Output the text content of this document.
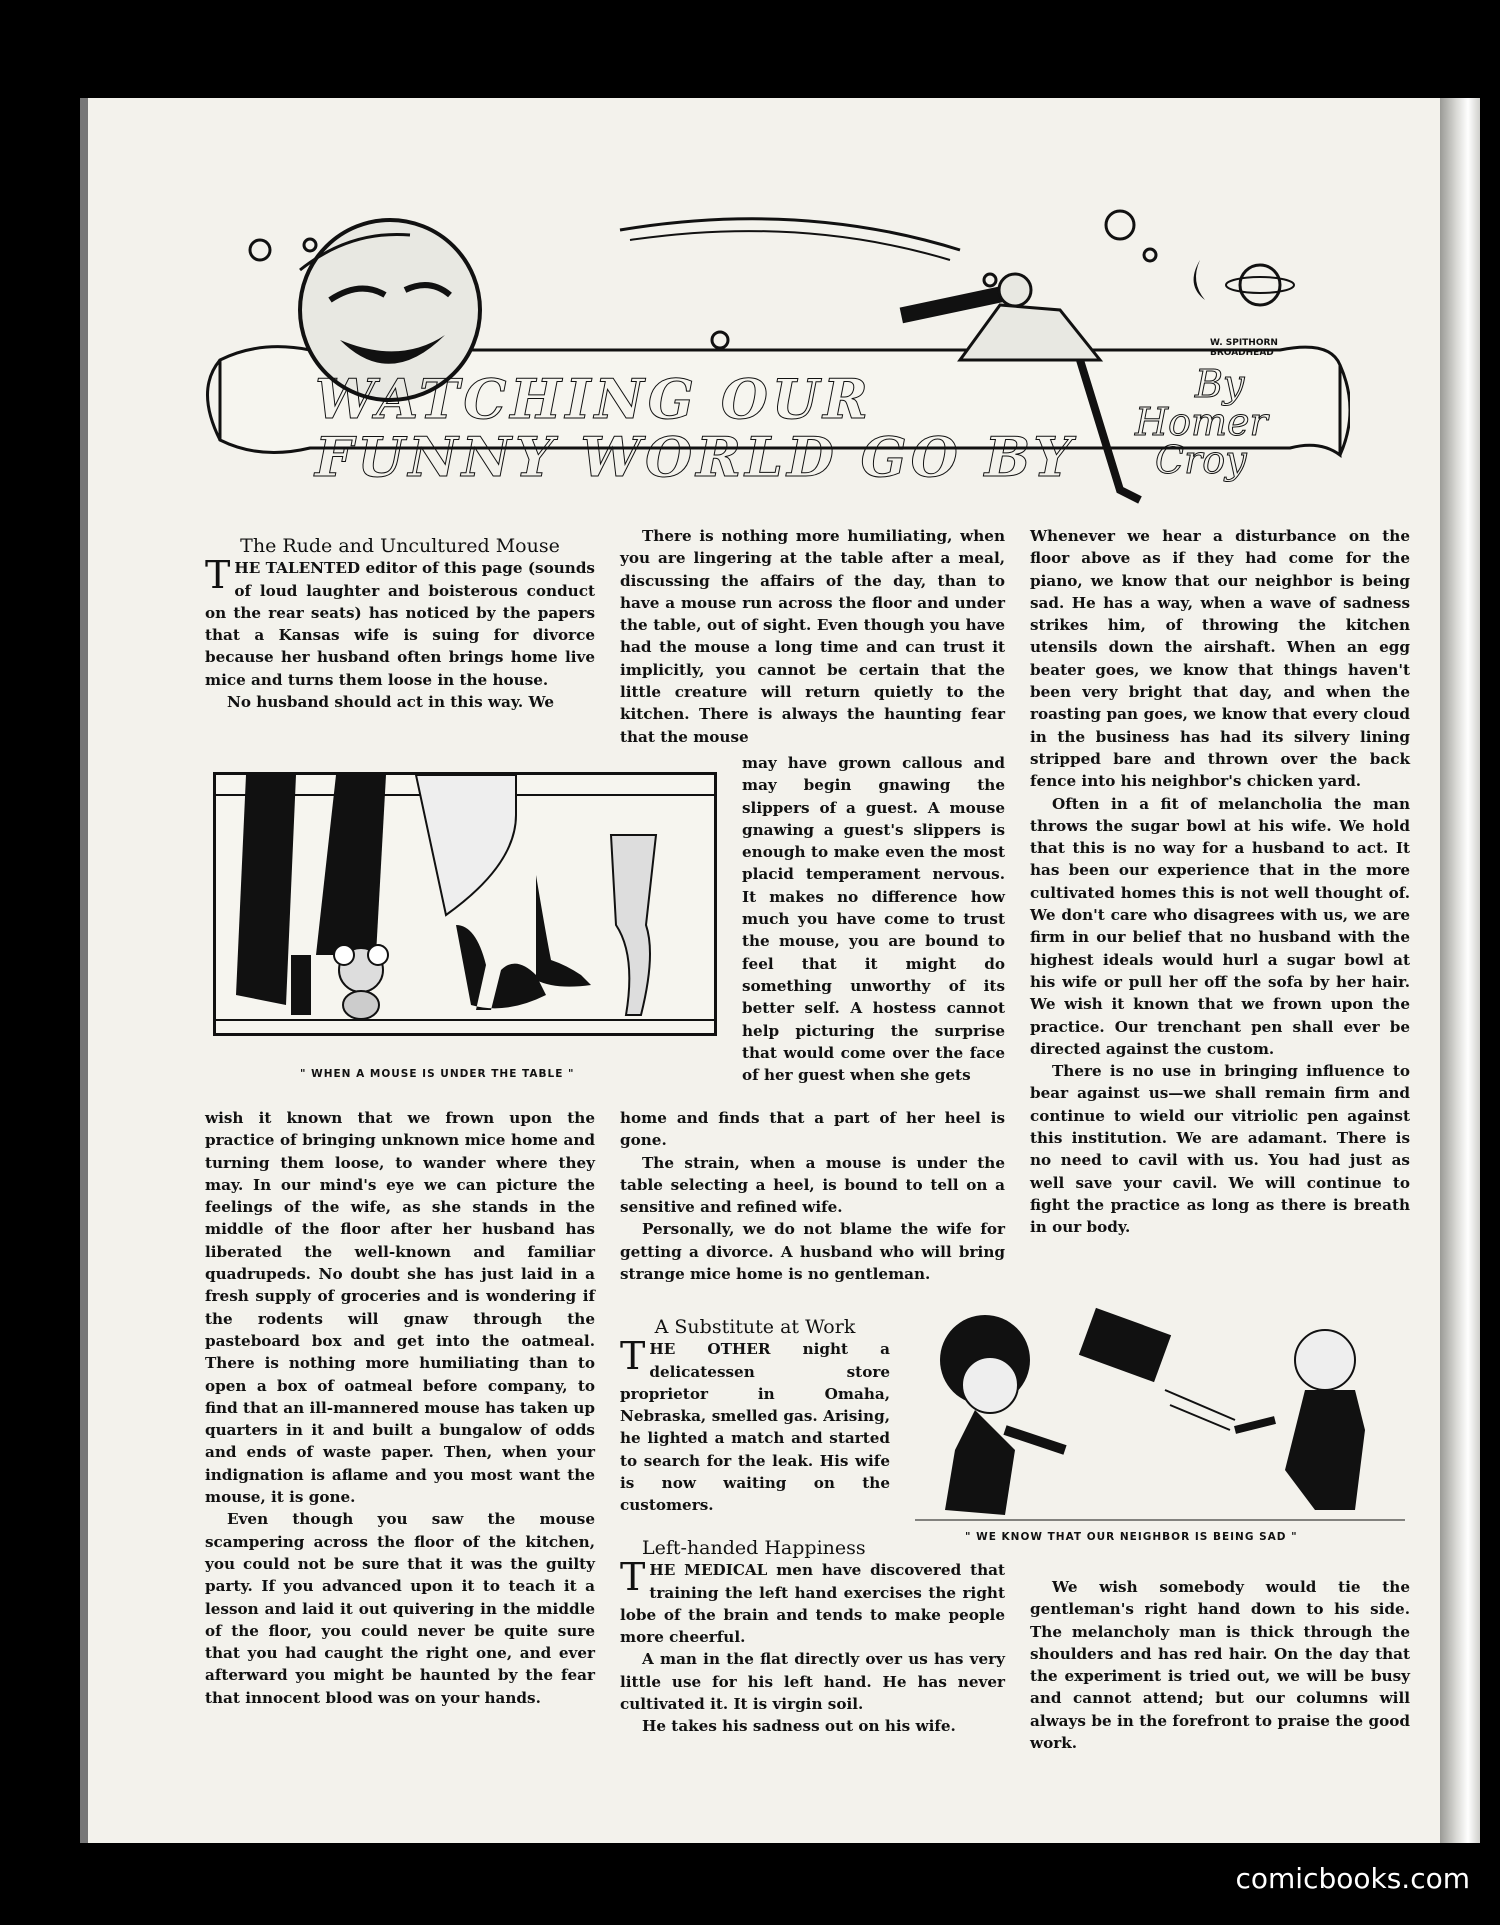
W. SPITHORN
BROADHEAD
WATCHING OUR
FUNNY WORLD GO BY
By
Homer
Croy

The Rude and Uncultured Mouse

THE TALENTED editor of this page (sounds of loud laughter and boisterous conduct on the rear seats) has noticed by the papers that a Kansas wife is suing for divorce because her husband often brings home live mice and turns them loose in the house.

No husband should act in this way. We

" WHEN A MOUSE IS UNDER THE TABLE "

wish it known that we frown upon the practice of bringing unknown mice home and turning them loose, to wander where they may. In our mind's eye we can picture the feelings of the wife, as she stands in the middle of the floor after her husband has liberated the well-known and familiar quadrupeds. No doubt she has just laid in a fresh supply of groceries and is wondering if the rodents will gnaw through the pasteboard box and get into the oatmeal. There is nothing more humiliating than to open a box of oatmeal before company, to find that an ill-mannered mouse has taken up quarters in it and built a bungalow of odds and ends of waste paper. Then, when your indignation is aflame and you most want the mouse, it is gone.

Even though you saw the mouse scampering across the floor of the kitchen, you could not be sure that it was the guilty party. If you advanced upon it to teach it a lesson and laid it out quivering in the middle of the floor, you could never be quite sure that you had caught the right one, and ever afterward you might be haunted by the fear that innocent blood was on your hands.

There is nothing more humiliating, when you are lingering at the table after a meal, discussing the affairs of the day, than to have a mouse run across the floor and under the table, out of sight. Even though you have had the mouse a long time and can trust it implicitly, you cannot be certain that the little creature will return quietly to the kitchen. There is always the haunting fear that the mouse

may have grown callous and may begin gnawing the slippers of a guest. A mouse gnawing a guest's slippers is enough to make even the most placid temperament nervous. It makes no difference how much you have come to trust the mouse, you are bound to feel that it might do something unworthy of its better self. A hostess cannot help picturing the surprise that would come over the face of her guest when she gets

home and finds that a part of her heel is gone.

The strain, when a mouse is under the table selecting a heel, is bound to tell on a sensitive and refined wife.

Personally, we do not blame the wife for getting a divorce. A husband who will bring strange mice home is no gentleman.

A Substitute at Work

THE OTHER night a delicatessen store proprietor in Omaha, Nebraska, smelled gas. Arising, he lighted a match and started to search for the leak. His wife is now waiting on the customers.

Left-handed Happiness

THE MEDICAL men have discovered that training the left hand exercises the right lobe of the brain and tends to make people more cheerful.

A man in the flat directly over us has very little use for his left hand. He has never cultivated it. It is virgin soil.

He takes his sadness out on his wife.

Whenever we hear a disturbance on the floor above as if they had come for the piano, we know that our neighbor is being sad. He has a way, when a wave of sadness strikes him, of throwing the kitchen utensils down the airshaft. When an egg beater goes, we know that things haven't been very bright that day, and when the roasting pan goes, we know that every cloud in the business has had its silvery lining stripped bare and thrown over the back fence into his neighbor's chicken yard.

Often in a fit of melancholia the man throws the sugar bowl at his wife. We hold that this is no way for a husband to act. It has been our experience that in the more cultivated homes this is not well thought of. We don't care who disagrees with us, we are firm in our belief that no husband with the highest ideals would hurl a sugar bowl at his wife or pull her off the sofa by her hair. We wish it known that we frown upon the practice. Our trenchant pen shall ever be directed against the custom.

There is no use in bringing influence to bear against us—we shall remain firm and continue to wield our vitriolic pen against this institution. We are adamant. There is no need to cavil with us. You had just as well save your cavil. We will continue to fight the practice as long as there is breath in our body.

" WE KNOW THAT OUR NEIGHBOR IS BEING SAD "

We wish somebody would tie the gentleman's right hand down to his side. The melancholy man is thick through the shoulders and has red hair. On the day that the experiment is tried out, we will be busy and cannot attend; but our columns will always be in the forefront to praise the good work.

comicbooks.com
